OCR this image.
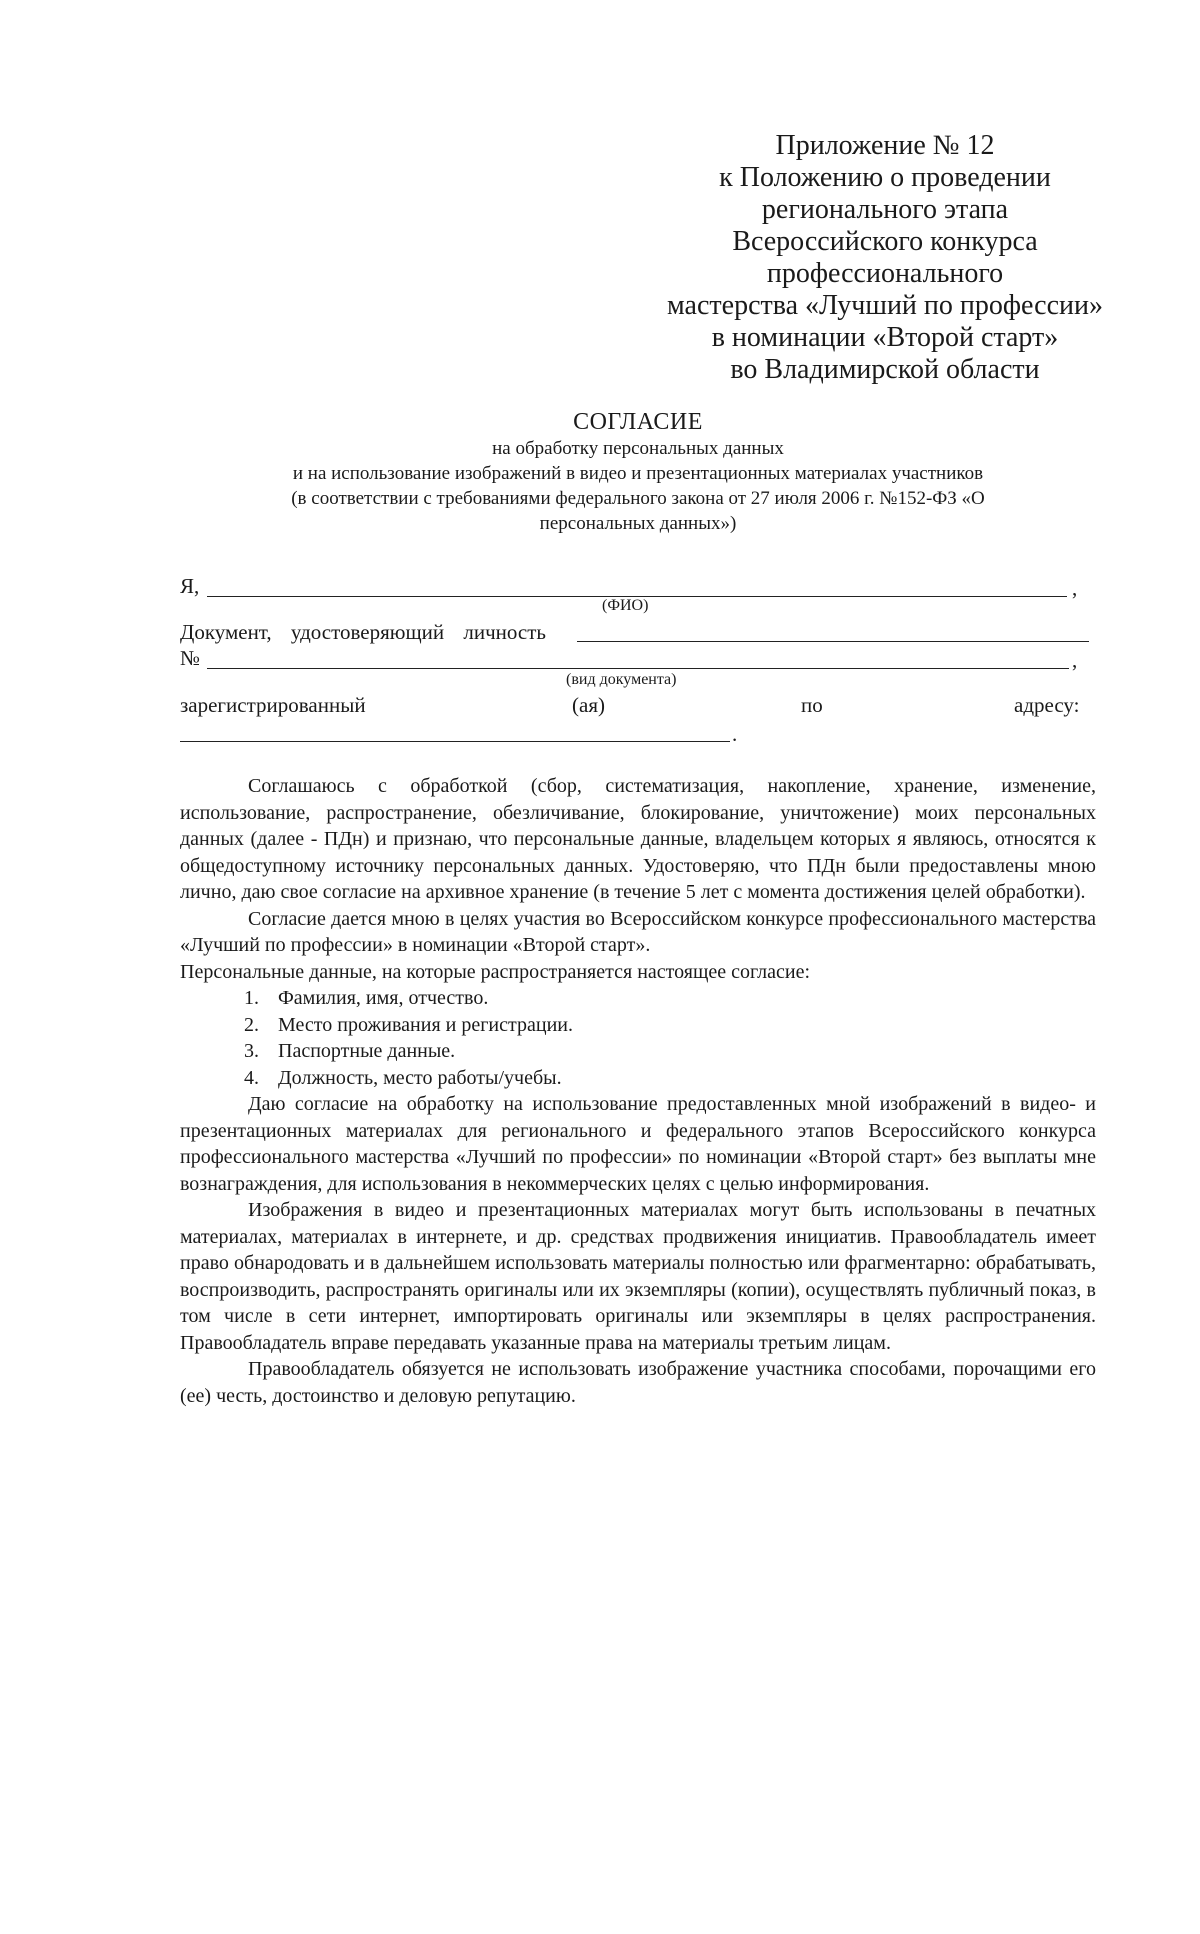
Приложение № 12
к Положению о проведении
регионального этапа
Всероссийского конкурса
профессионального
мастерства «Лучший по профессии»
в номинации «Второй старт»
во Владимирской области
СОГЛАСИЕ
на обработку персональных данных
и на использование изображений в видео и презентационных материалах участников
(в соответствии с требованиями федерального закона от 27 июля 2006 г. №152-ФЗ «О
персональных данных»)
Я,	,
(ФИО)
Документ, удостоверяющий личность
№	,
(вид документа)
зарегистрированный	(ая)	по	адресу:
.

Соглашаюсь с обработкой (сбор, систематизация, накопление, хранение, изменение, использование, распространение, обезличивание, блокирование, уничтожение) моих персональных данных (далее - ПДн) и признаю, что персональные данные, владельцем которых я являюсь, относятся к общедоступному источнику персональных данных. Удостоверяю, что ПДн были предоставлены мною лично, даю свое согласие на архивное хранение (в течение 5 лет с момента достижения целей обработки).

Согласие дается мною в целях участия во Всероссийском конкурсе профессионального мастерства «Лучший по профессии» в номинации «Второй старт».

Персональные данные, на которые распространяется настоящее согласие:

1. Фамилия, имя, отчество.
2. Место проживания и регистрации.
3. Паспортные данные.
4. Должность, место работы/учебы.

Даю согласие на обработку на использование предоставленных мной изображений в видео- и презентационных материалах для регионального и федерального этапов Всероссийского конкурса профессионального мастерства «Лучший по профессии» по номинации «Второй старт» без выплаты мне вознаграждения, для использования в некоммерческих целях с целью информирования.

Изображения в видео и презентационных материалах могут быть использованы в печатных материалах, материалах в интернете, и др. средствах продвижения инициатив. Правообладатель имеет право обнародовать и в дальнейшем использовать материалы полностью или фрагментарно: обрабатывать, воспроизводить, распространять оригиналы или их экземпляры (копии), осуществлять публичный показ, в том числе в сети интернет, импортировать оригиналы или экземпляры в целях распространения. Правообладатель вправе передавать указанные права на материалы третьим лицам.

Правообладатель обязуется не использовать изображение участника способами, порочащими его (ее) честь, достоинство и деловую репутацию.
